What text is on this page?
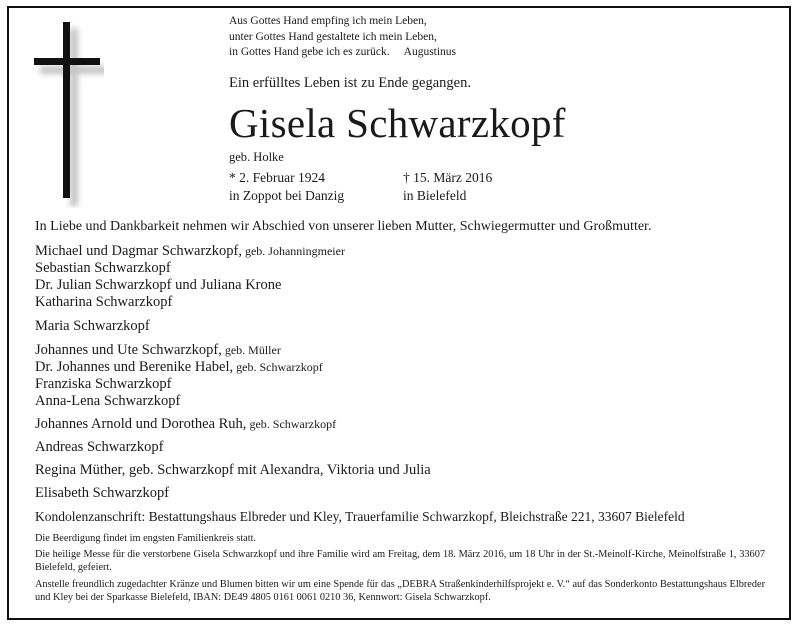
Aus Gottes Hand empfing ich mein Leben,
unter Gottes Hand gestaltete ich mein Leben,
in Gottes Hand gebe ich es zurück. Augustinus
Ein erfülltes Leben ist zu Ende gegangen.
Gisela Schwarzkopf
geb. Holke
* 2. Februar 1924
in Zoppot bei Danzig
† 15. März 2016
in Bielefeld
In Liebe und Dankbarkeit nehmen wir Abschied von unserer lieben Mutter, Schwiegermutter und Großmutter.
Michael und Dagmar Schwarzkopf, geb. Johanningmeier
Sebastian Schwarzkopf
Dr. Julian Schwarzkopf und Juliana Krone
Katharina Schwarzkopf
Maria Schwarzkopf
Johannes und Ute Schwarzkopf, geb. Müller
Dr. Johannes und Berenike Habel, geb. Schwarzkopf
Franziska Schwarzkopf
Anna-Lena Schwarzkopf
Johannes Arnold und Dorothea Ruh, geb. Schwarzkopf
Andreas Schwarzkopf
Regina Müther, geb. Schwarzkopf mit Alexandra, Viktoria und Julia
Elisabeth Schwarzkopf
Kondolenzanschrift: Bestattungshaus Elbreder und Kley, Trauerfamilie Schwarzkopf, Bleichstraße 221, 33607 Bielefeld
Die Beerdigung findet im engsten Familienkreis statt.
Die heilige Messe für die verstorbene Gisela Schwarzkopf und ihre Familie wird am Freitag, dem 18. März 2016, um 18 Uhr in der St.-Meinolf-Kirche, Meinolfstraße 1, 33607 Bielefeld, gefeiert.
Anstelle freundlich zugedachter Kränze und Blumen bitten wir um eine Spende für das „DEBRA Straßenkinderhilfsprojekt e. V.“ auf das Sonderkonto Bestattungshaus Elbreder und Kley bei der Sparkasse Bielefeld, IBAN: DE49 4805 0161 0061 0210 36, Kennwort: Gisela Schwarzkopf.
